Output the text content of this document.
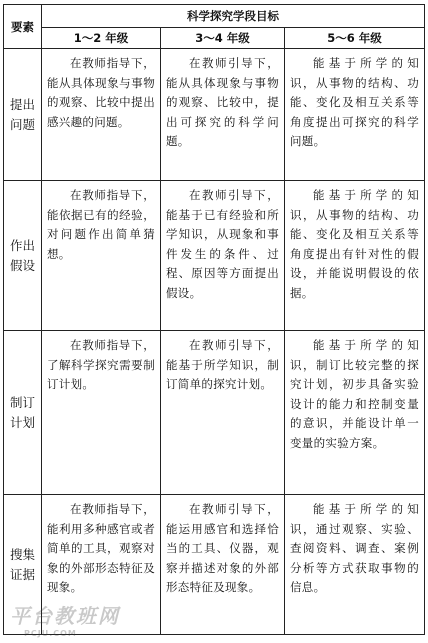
要素	科学探究学段目标		
	1～2 年级	3～4 年级	5～6 年级

提出
问题	在教师指导下，能从具体现象与事物的观察、比较中提出感兴趣的问题。	在教师引导下，能从具体现象与事物的观察、比较中，提出可探究的科学问题。	能基于所学的知识，从事物的结构、功能、变化及相互关系等角度提出可探究的科学问题。

作出
假设	在教师指导下，能依据已有的经验，对问题作出简单猜想。	在教师引导下，能基于已有经验和所学知识，从现象和事件发生的条件、过程、原因等方面提出假设。	能基于所学的知识，从事物的结构、功能、变化及相互关系等角度提出有针对性的假设，并能说明假设的依据。

制订
计划	在教师指导下，了解科学探究需要制订计划。	在教师引导下，能基于所学知识，制订简单的探究计划。	能基于所学的知识，制订比较完整的探究计划，初步具备实验设计的能力和控制变量的意识，并能设计单一变量的实验方案。

搜集
证据	在教师指导下，能利用多种感官或者简单的工具，观察对象的外部形态特征及现象。	在教师引导下，能运用感官和选择恰当的工具、仪器，观察并描述对象的外部形态特征及现象。	能基于所学的知识，通过观察、实验、查阅资料、调查、案例分析等方式获取事物的信息。
平台教班网
PCJU.COM
